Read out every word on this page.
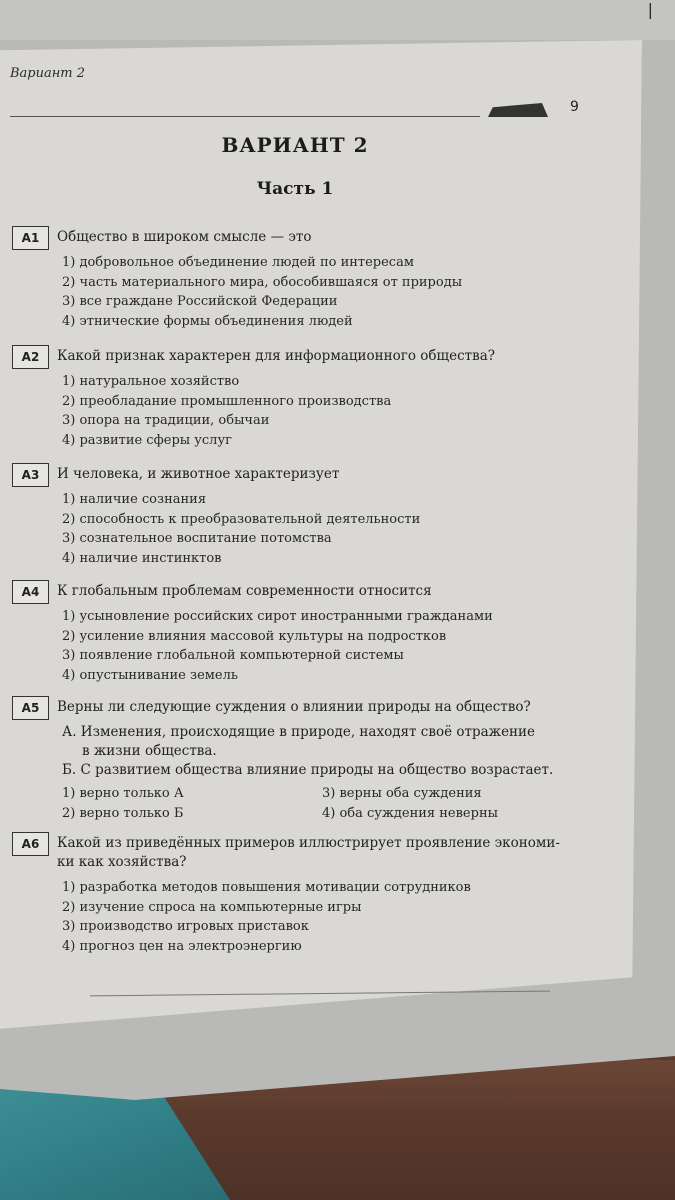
|
Вариант 2
9
ВАРИАНТ 2
Часть 1
А1	Общество в широком смысле — это
1) добровольное объединение людей по интересам
2) часть материального мира, обособившаяся от природы
3) все граждане Российской Федерации
4) этнические формы объединения людей
А2	Какой признак характерен для информационного общества?
1) натуральное хозяйство
2) преобладание промышленного производства
3) опора на традиции, обычаи
4) развитие сферы услуг
А3	И человека, и животное характеризует
1) наличие сознания
2) способность к преобразовательной деятельности
3) сознательное воспитание потомства
4) наличие инстинктов
А4	К глобальным проблемам современности относится
1) усыновление российских сирот иностранными гражданами
2) усиление влияния массовой культуры на подростков
3) появление глобальной компьютерной системы
4) опустынивание земель
А5	Верны ли следующие суждения о влиянии природы на общество?
А. Изменения, происходящие в природе, находят своё отражение
в жизни общества.
Б. С развитием общества влияние природы на общество возрастает.
1) верно только А	3) верны оба суждения
2) верно только Б	4) оба суждения неверны
А6	Какой из приведённых примеров иллюстрирует проявление экономи-
ки как хозяйства?
1) разработка методов повышения мотивации сотрудников
2) изучение спроса на компьютерные игры
3) производство игровых приставок
4) прогноз цен на электроэнергию
